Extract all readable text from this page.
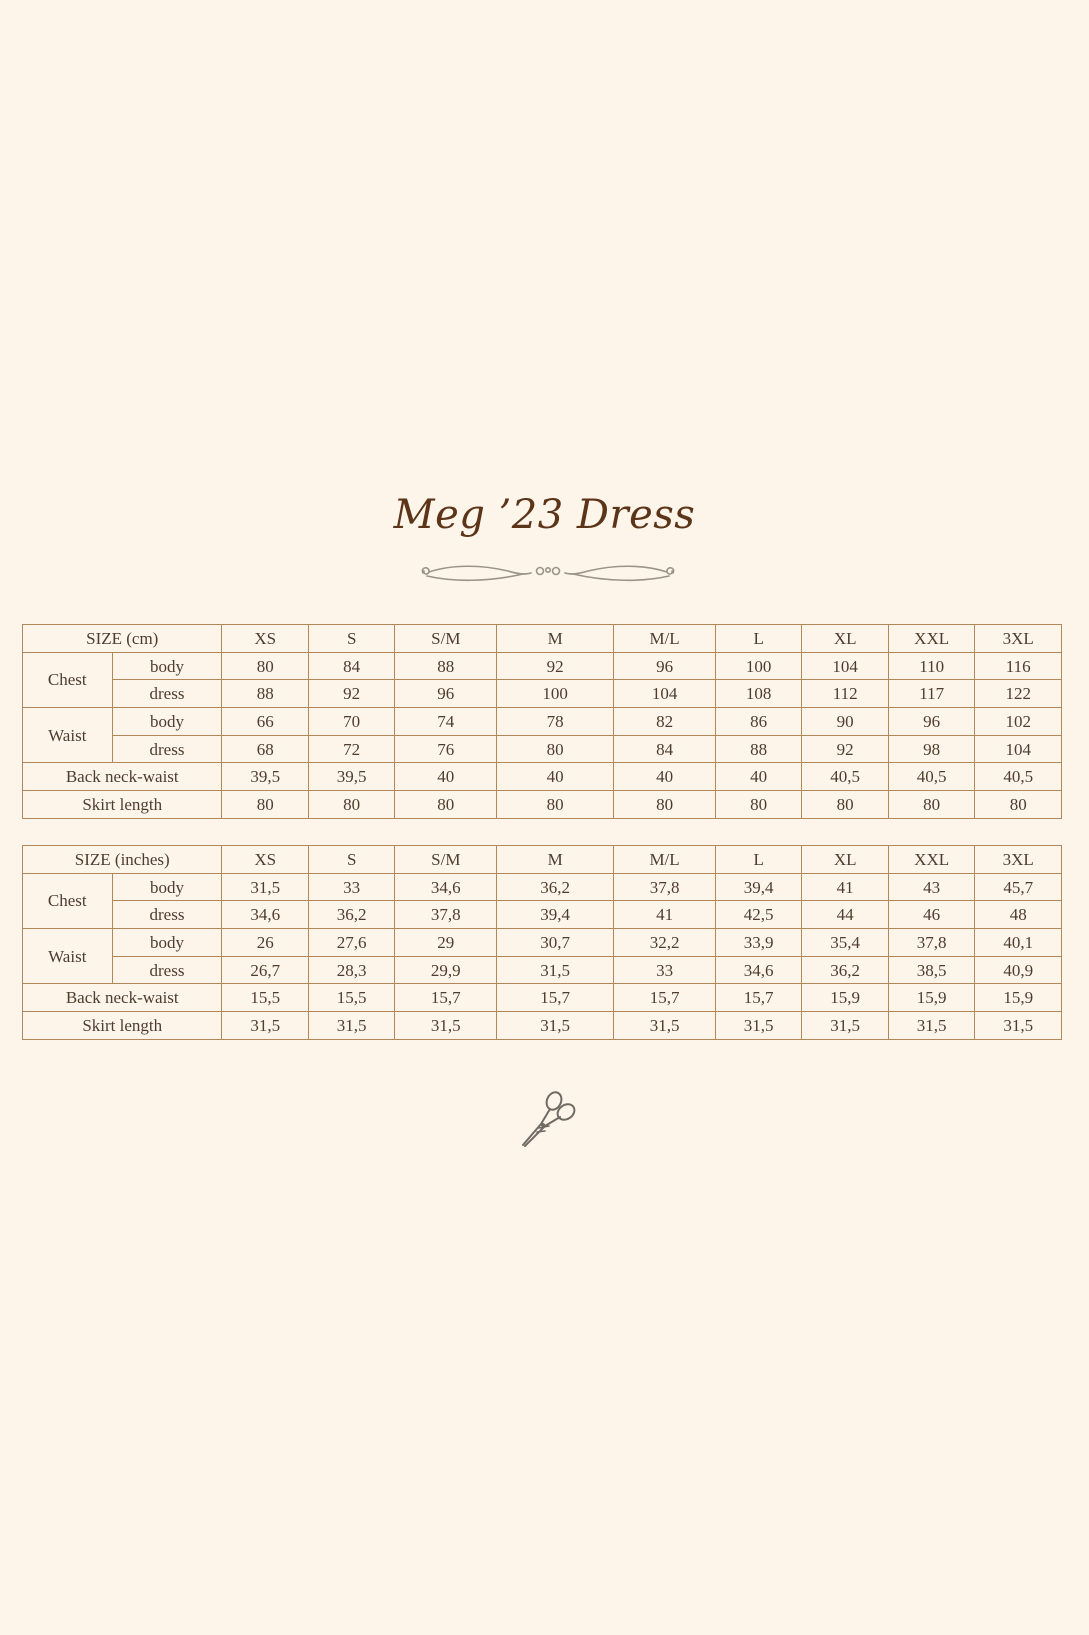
Meg ’23 Dress
SIZE (cm)		XS	S	S/M	M	M/L	L	XL	XXL	3XL
Chest	body	80	84	88	92	96	100	104	110	116
	dress	88	92	96	100	104	108	112	117	122
Waist	body	66	70	74	78	82	86	90	96	102
	dress	68	72	76	80	84	88	92	98	104
Back neck-waist		39,5	39,5	40	40	40	40	40,5	40,5	40,5
Skirt length		80	80	80	80	80	80	80	80	80
SIZE (inches)		XS	S	S/M	M	M/L	L	XL	XXL	3XL
Chest	body	31,5	33	34,6	36,2	37,8	39,4	41	43	45,7
	dress	34,6	36,2	37,8	39,4	41	42,5	44	46	48
Waist	body	26	27,6	29	30,7	32,2	33,9	35,4	37,8	40,1
	dress	26,7	28,3	29,9	31,5	33	34,6	36,2	38,5	40,9
Back neck-waist		15,5	15,5	15,7	15,7	15,7	15,7	15,9	15,9	15,9
Skirt length		31,5	31,5	31,5	31,5	31,5	31,5	31,5	31,5	31,5
